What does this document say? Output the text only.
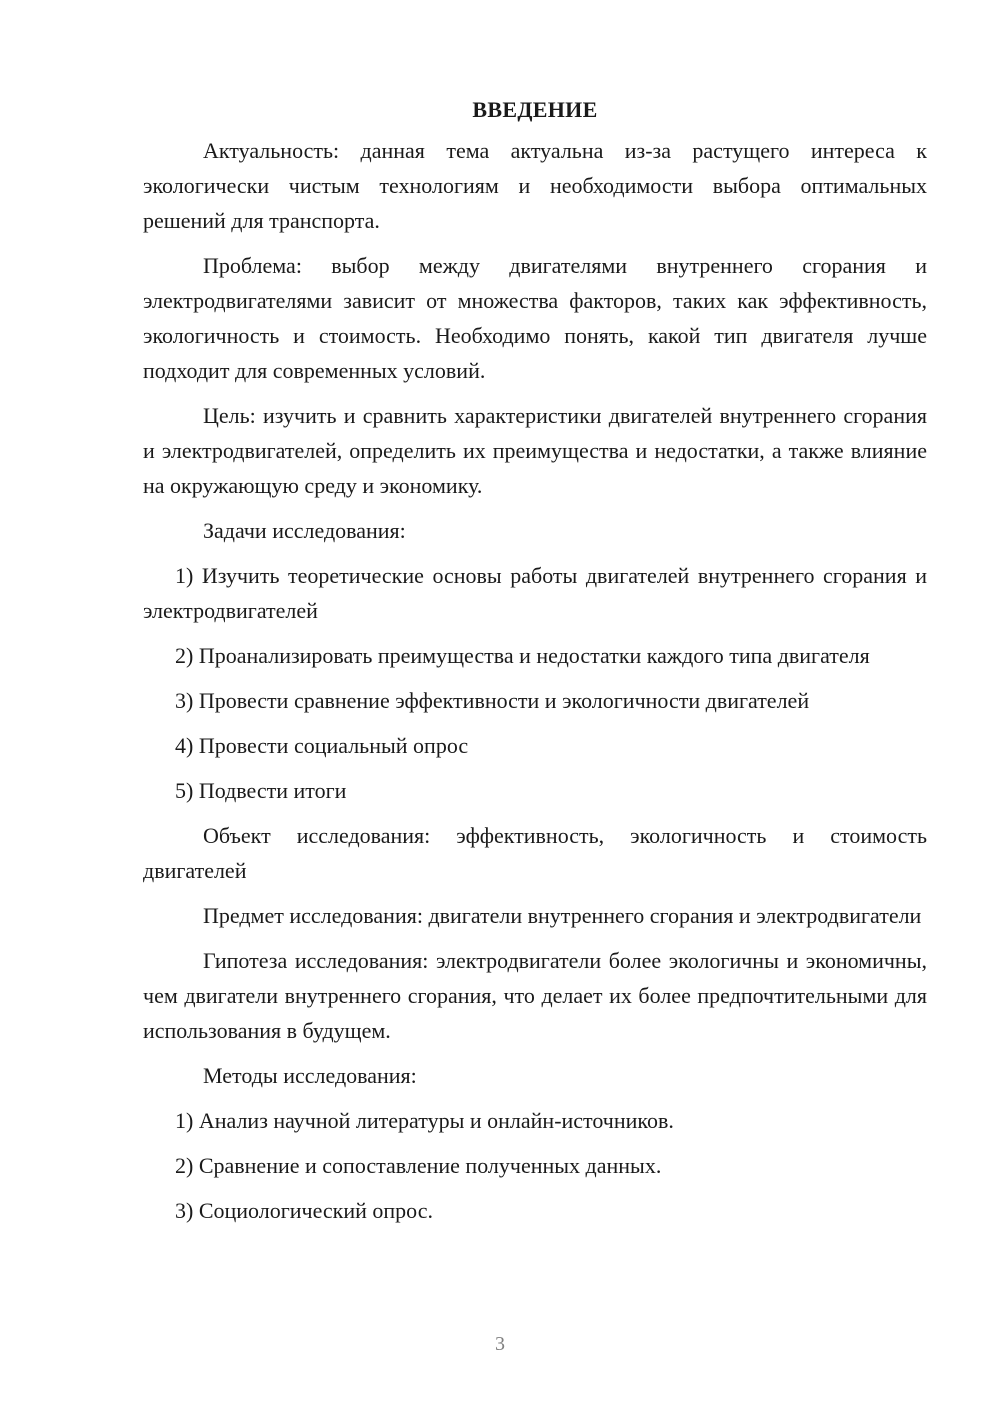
ВВЕДЕНИЕ

Актуальность: данная тема актуальна из-за растущего интереса к экологически чистым технологиям и необходимости выбора оптимальных решений для транспорта.

Проблема: выбор между двигателями внутреннего сгорания и электродвигателями зависит от множества факторов, таких как эффективность, экологичность и стоимость. Необходимо понять, какой тип двигателя лучше подходит для современных условий.

Цель: изучить и сравнить характеристики двигателей внутреннего сгорания и электродвигателей, определить их преимущества и недостатки, а также влияние на окружающую среду и экономику.

Задачи исследования:

1) Изучить теоретические основы работы двигателей внутреннего сгорания и электродвигателей

2) Проанализировать преимущества и недостатки каждого типа двигателя

3) Провести сравнение эффективности и экологичности двигателей

4) Провести социальный опрос

5) Подвести итоги

Объект исследования: эффективность, экологичность и стоимость двигателей

Предмет исследования: двигатели внутреннего сгорания и электродвигатели

Гипотеза исследования: электродвигатели более экологичны и экономичны, чем двигатели внутреннего сгорания, что делает их более предпочтительными для использования в будущем.

Методы исследования:

1) Анализ научной литературы и онлайн-источников.

2) Сравнение и сопоставление полученных данных.

3) Социологический опрос.

3
